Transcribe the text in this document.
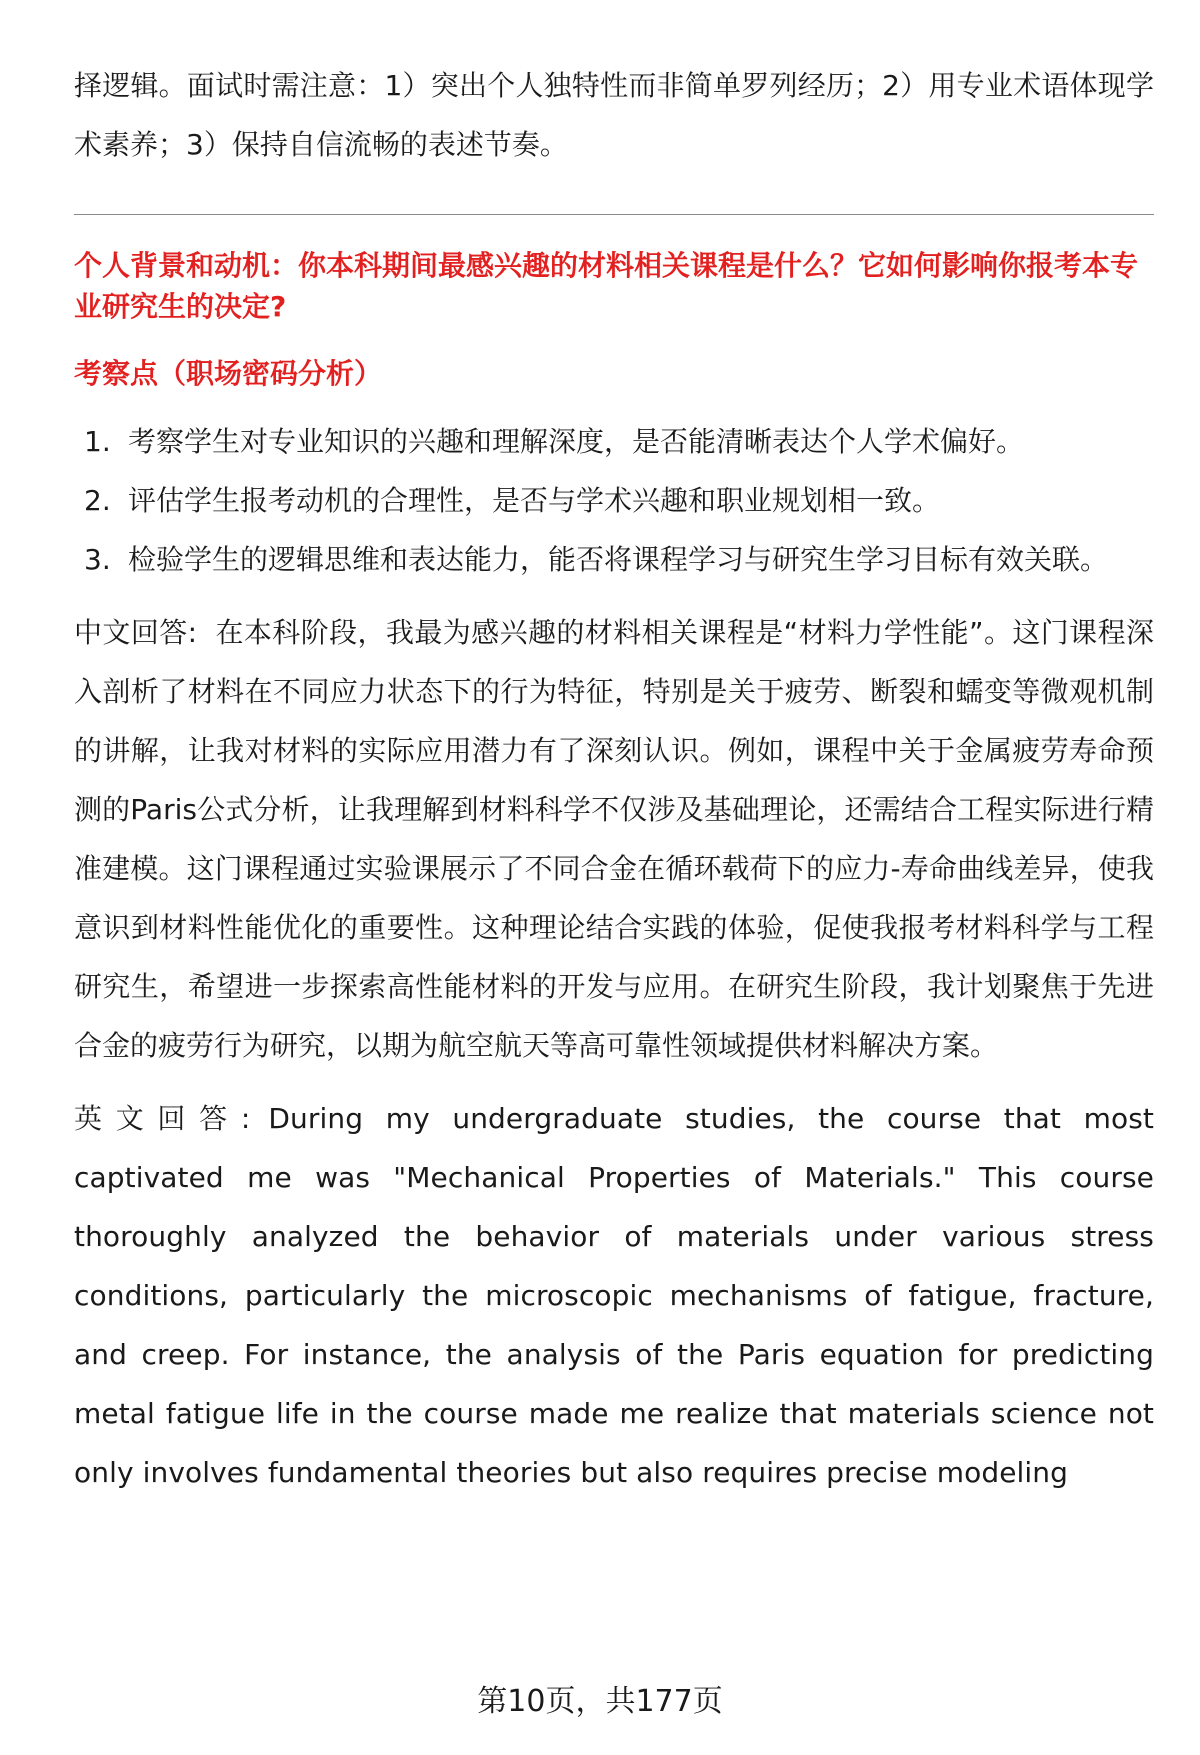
择逻辑。面试时需注意：1）突出个人独特性而非简单罗列经历；2）用专业术语体现学术素养；3）保持自信流畅的表述节奏。

个人背景和动机：你本科期间最感兴趣的材料相关课程是什么？它如何影响你报考本专业研究生的决定?

考察点（职场密码分析）

1. 考察学生对专业知识的兴趣和理解深度，是否能清晰表达个人学术偏好。
2. 评估学生报考动机的合理性，是否与学术兴趣和职业规划相一致。
3. 检验学生的逻辑思维和表达能力，能否将课程学习与研究生学习目标有效关联。

中文回答: 在本科阶段，我最为感兴趣的材料相关课程是“材料力学性能”。这门课程深入剖析了材料在不同应力状态下的行为特征，特别是关于疲劳、断裂和蠕变等微观机制的讲解，让我对材料的实际应用潜力有了深刻认识。例如，课程中关于金属疲劳寿命预测的Paris公式分析，让我理解到材料科学不仅涉及基础理论，还需结合工程实际进行精准建模。这门课程通过实验课展示了不同合金在循环载荷下的应力-寿命曲线差异，使我意识到材料性能优化的重要性。这种理论结合实践的体验，促使我报考材料科学与工程研究生，希望进一步探索高性能材料的开发与应用。在研究生阶段，我计划聚焦于先进合金的疲劳行为研究，以期为航空航天等高可靠性领域提供材料解决方案。

英文回答: During my undergraduate studies, the course that most captivated me was "Mechanical Properties of Materials." This course thoroughly analyzed the behavior of materials under various stress conditions, particularly the microscopic mechanisms of fatigue, fracture, and creep. For instance, the analysis of the Paris equation for predicting metal fatigue life in the course made me realize that materials science not only involves fundamental theories but also requires precise modeling

第10页，共177页
